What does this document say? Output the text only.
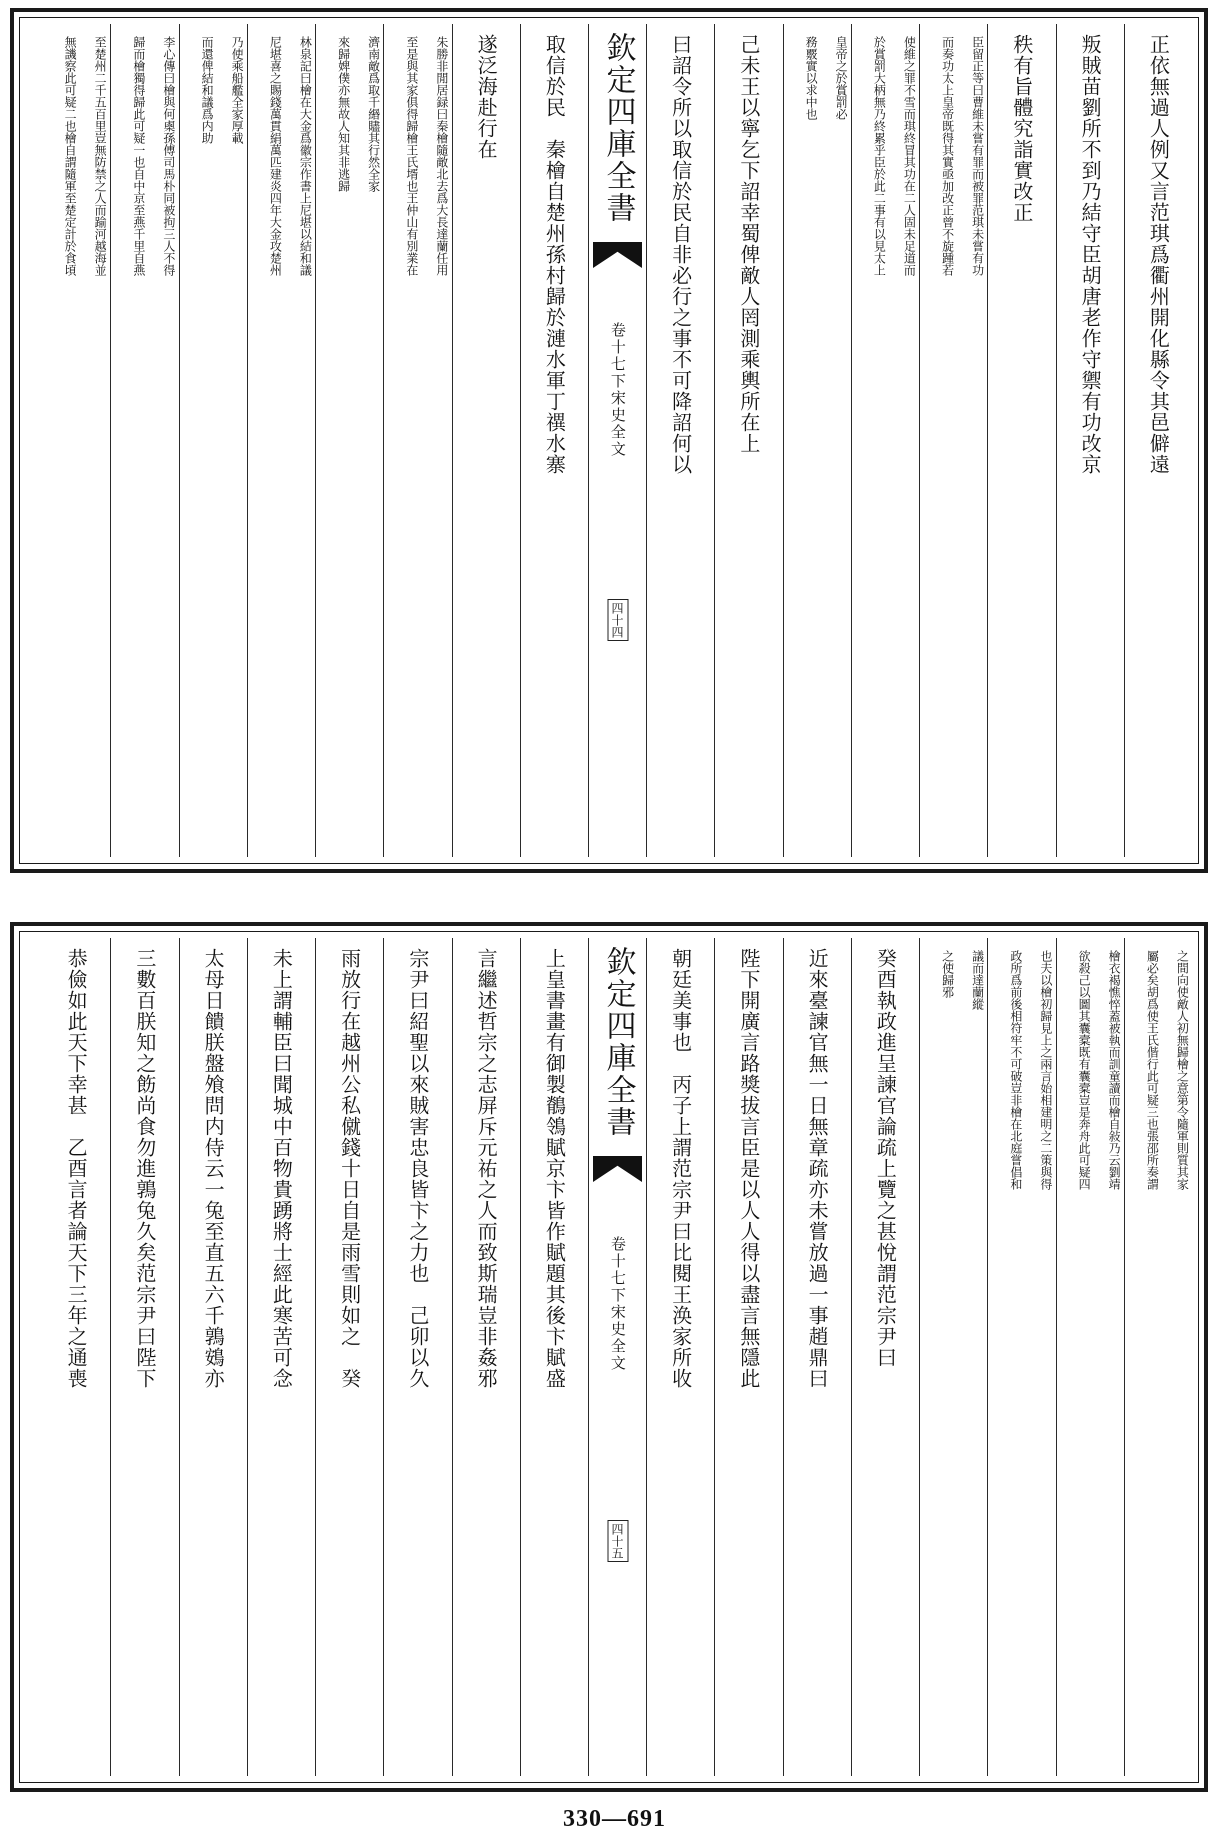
正依無過人例又言范琪爲衢州開化縣令其邑僻遠
叛賊苗劉所不到乃結守臣胡唐老作守禦有功改京
秩有旨體究詣實改正
臣留正等曰曹維未嘗有罪而被罪范琪未嘗有功
而奏功太上皇帝既得其實亟加改正曾不旋踵若
使維之罪不雪而琪終冒其功在二人固未足道而
於賞罰大柄無乃終累乎臣於此二事有以見太上
皇帝之於賞罰必
務覈實以求中也
己未王以寧乞下詔幸蜀俾敵人罔測乘輿所在上
曰詔令所以取信於民自非必行之事不可降詔何以
欽定四庫全書
宋史全文
卷十七下
四十四
取信於民　秦檜自楚州孫村歸於漣水軍丁禩水寨
遂泛海赴行在
朱勝非閒居録曰秦檜隨敵北去爲大長達蘭任用
至是與其家俱得歸檜王氏壻也王仲山有別業在
濟南敵爲取千緡贐其行然全家
來歸婢僕亦無故人知其非逃歸
林泉記曰檜在大金爲徽宗作書上尼堪以結和議
尼堪喜之賜錢萬貫絹萬匹建炎四年大金攻楚州
乃使乘船艦全家厚載
而還俾結和議爲内助
李心傳曰檜與何㮚孫傅司馬朴同被拘三人不得
歸而檜獨得歸此可疑一也自中京至燕千里自燕
至楚州二千五百里豈無防禁之人而踰河越海並
無譏察此可疑二也檜自謂隨軍至楚定計於食頃
之間向使敵人初無歸檜之意第令隨軍則質其家
屬必矣胡爲使王氏偕行此可疑三也張邵所奏謂
檜衣褐憔悴蓋被執而訓童讀而檜自敍乃云劉靖
欲殺己以圖其囊槖既有囊槖豈是奔舟此可疑四
也夫以檜初歸見上之兩言始相建明之二策與得
政所爲前後相符牢不可破豈非檜在北庭嘗倡和
議而達蘭縱
之使歸邪
癸酉執政進呈諫官論疏上覽之甚悅謂范宗尹曰
近來臺諫官無一日無章疏亦未嘗放過一事趙鼎曰
陛下開廣言路獎拔言臣是以人人得以盡言無隱此
朝廷美事也　丙子上謂范宗尹曰比閱王涣家所收
欽定四庫全書
宋史全文
卷十七下
四十五
上皇書畫有御製鶺鴒賦京卞皆作賦題其後卞賦盛
言繼述哲宗之志屏斥元祐之人而致斯瑞豈非姦邪
宗尹曰紹聖以來賊害忠良皆卞之力也　己卯以久
雨放行在越州公私僦錢十日自是雨雪則如之　癸
未上謂輔臣曰聞城中百物貴踴將士經此寒苦可念
太母日饋朕盤飧問内侍云一兔至直五六千鶉鴳亦
三數百朕知之飭尚食勿進鶉兔久矣范宗尹曰陛下
恭儉如此天下幸甚　乙酉言者論天下三年之通喪
330—691
